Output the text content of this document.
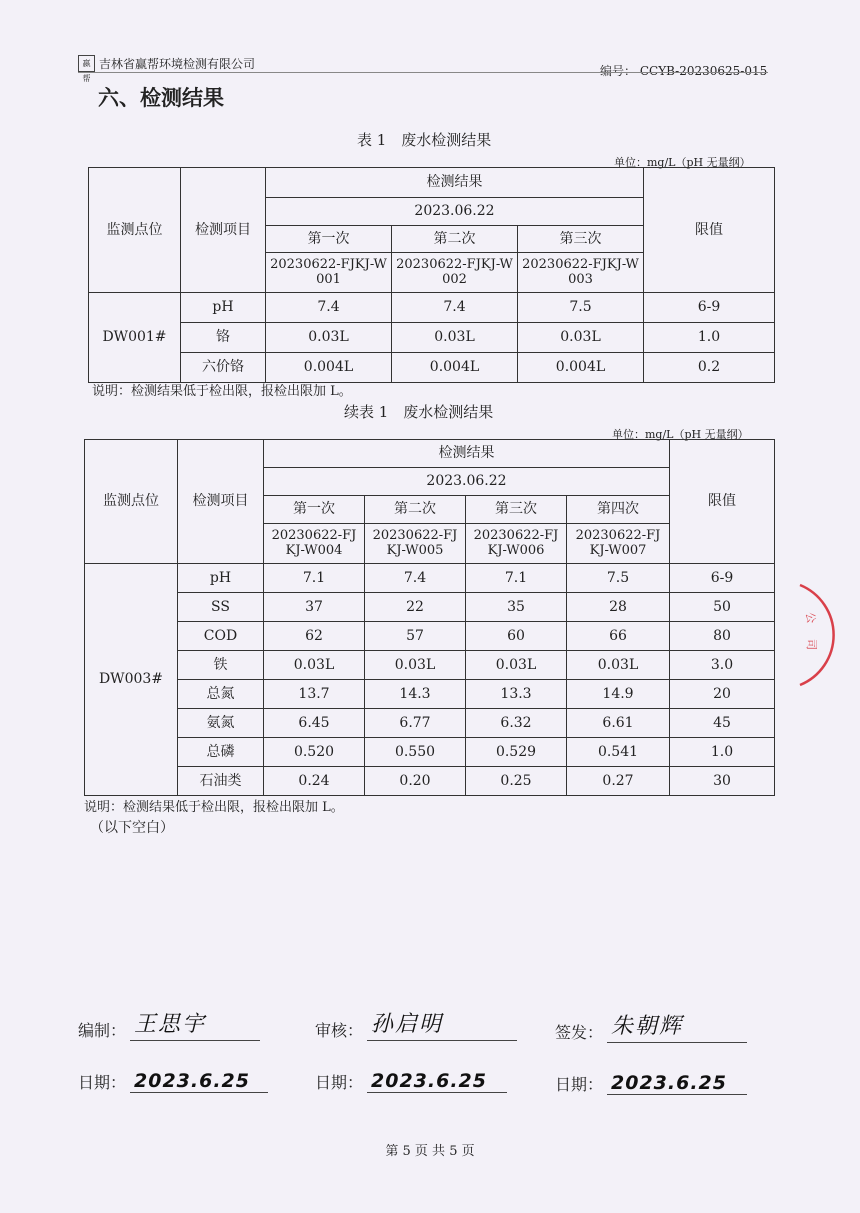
嬴帮
吉林省赢帮环境检测有限公司	编号： CCYB-20230625-015
六、检测结果
表 1　废水检测结果
单位：mg/L（pH 无量纲）
监测点位	检测项目	检测结果			限值
		2023.06.22			
		第一次	第二次	第三次	
		20230622-FJKJ-W001	20230622-FJKJ-W002	20230622-FJKJ-W003	
DW001#	pH	7.4	7.4	7.5	6-9
	铬	0.03L	0.03L	0.03L	1.0
	六价铬	0.004L	0.004L	0.004L	0.2
说明：检测结果低于检出限，报检出限加 L。
续表 1　废水检测结果
单位：mg/L（pH 无量纲）
监测点位	检测项目	检测结果				限值
		2023.06.22				
		第一次	第二次	第三次	第四次	
		20230622-FJKJ-W004	20230622-FJKJ-W005	20230622-FJKJ-W006	20230622-FJKJ-W007	
DW003#	pH	7.1	7.4	7.1	7.5	6-9
	SS	37	22	35	28	50
	COD	62	57	60	66	80
	铁	0.03L	0.03L	0.03L	0.03L	3.0
	总氮	13.7	14.3	13.3	14.9	20
	氨氮	6.45	6.77	6.32	6.61	45
	总磷	0.520	0.550	0.529	0.541	1.0
	石油类	0.24	0.20	0.25	0.27	30
说明：检测结果低于检出限，报检出限加 L。
（以下空白）
公
司
编制： 王思宇	审核： 孙启明	签发： 朱朝辉
日期： 2023.6.25	日期： 2023.6.25	日期： 2023.6.25
第 5 页 共 5 页
